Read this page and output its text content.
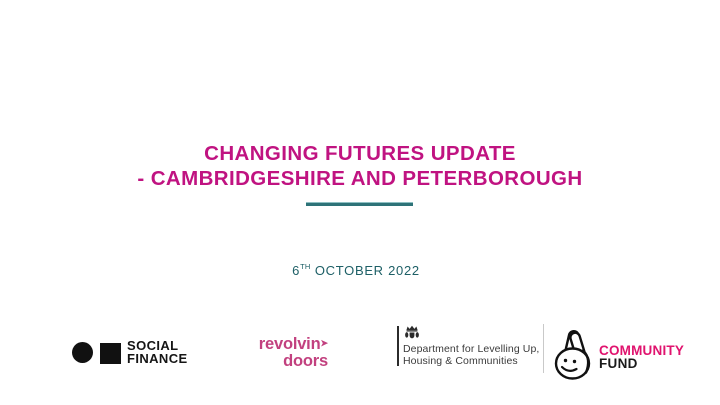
CHANGING FUTURES UPDATE
- CAMBRIDGESHIRE AND PETERBOROUGH
6TH OCTOBER 2022
SOCIAL
FINANCE
revolvin➤
doors
Department for Levelling Up,
Housing & Communities
COMMUNITY
FUND
